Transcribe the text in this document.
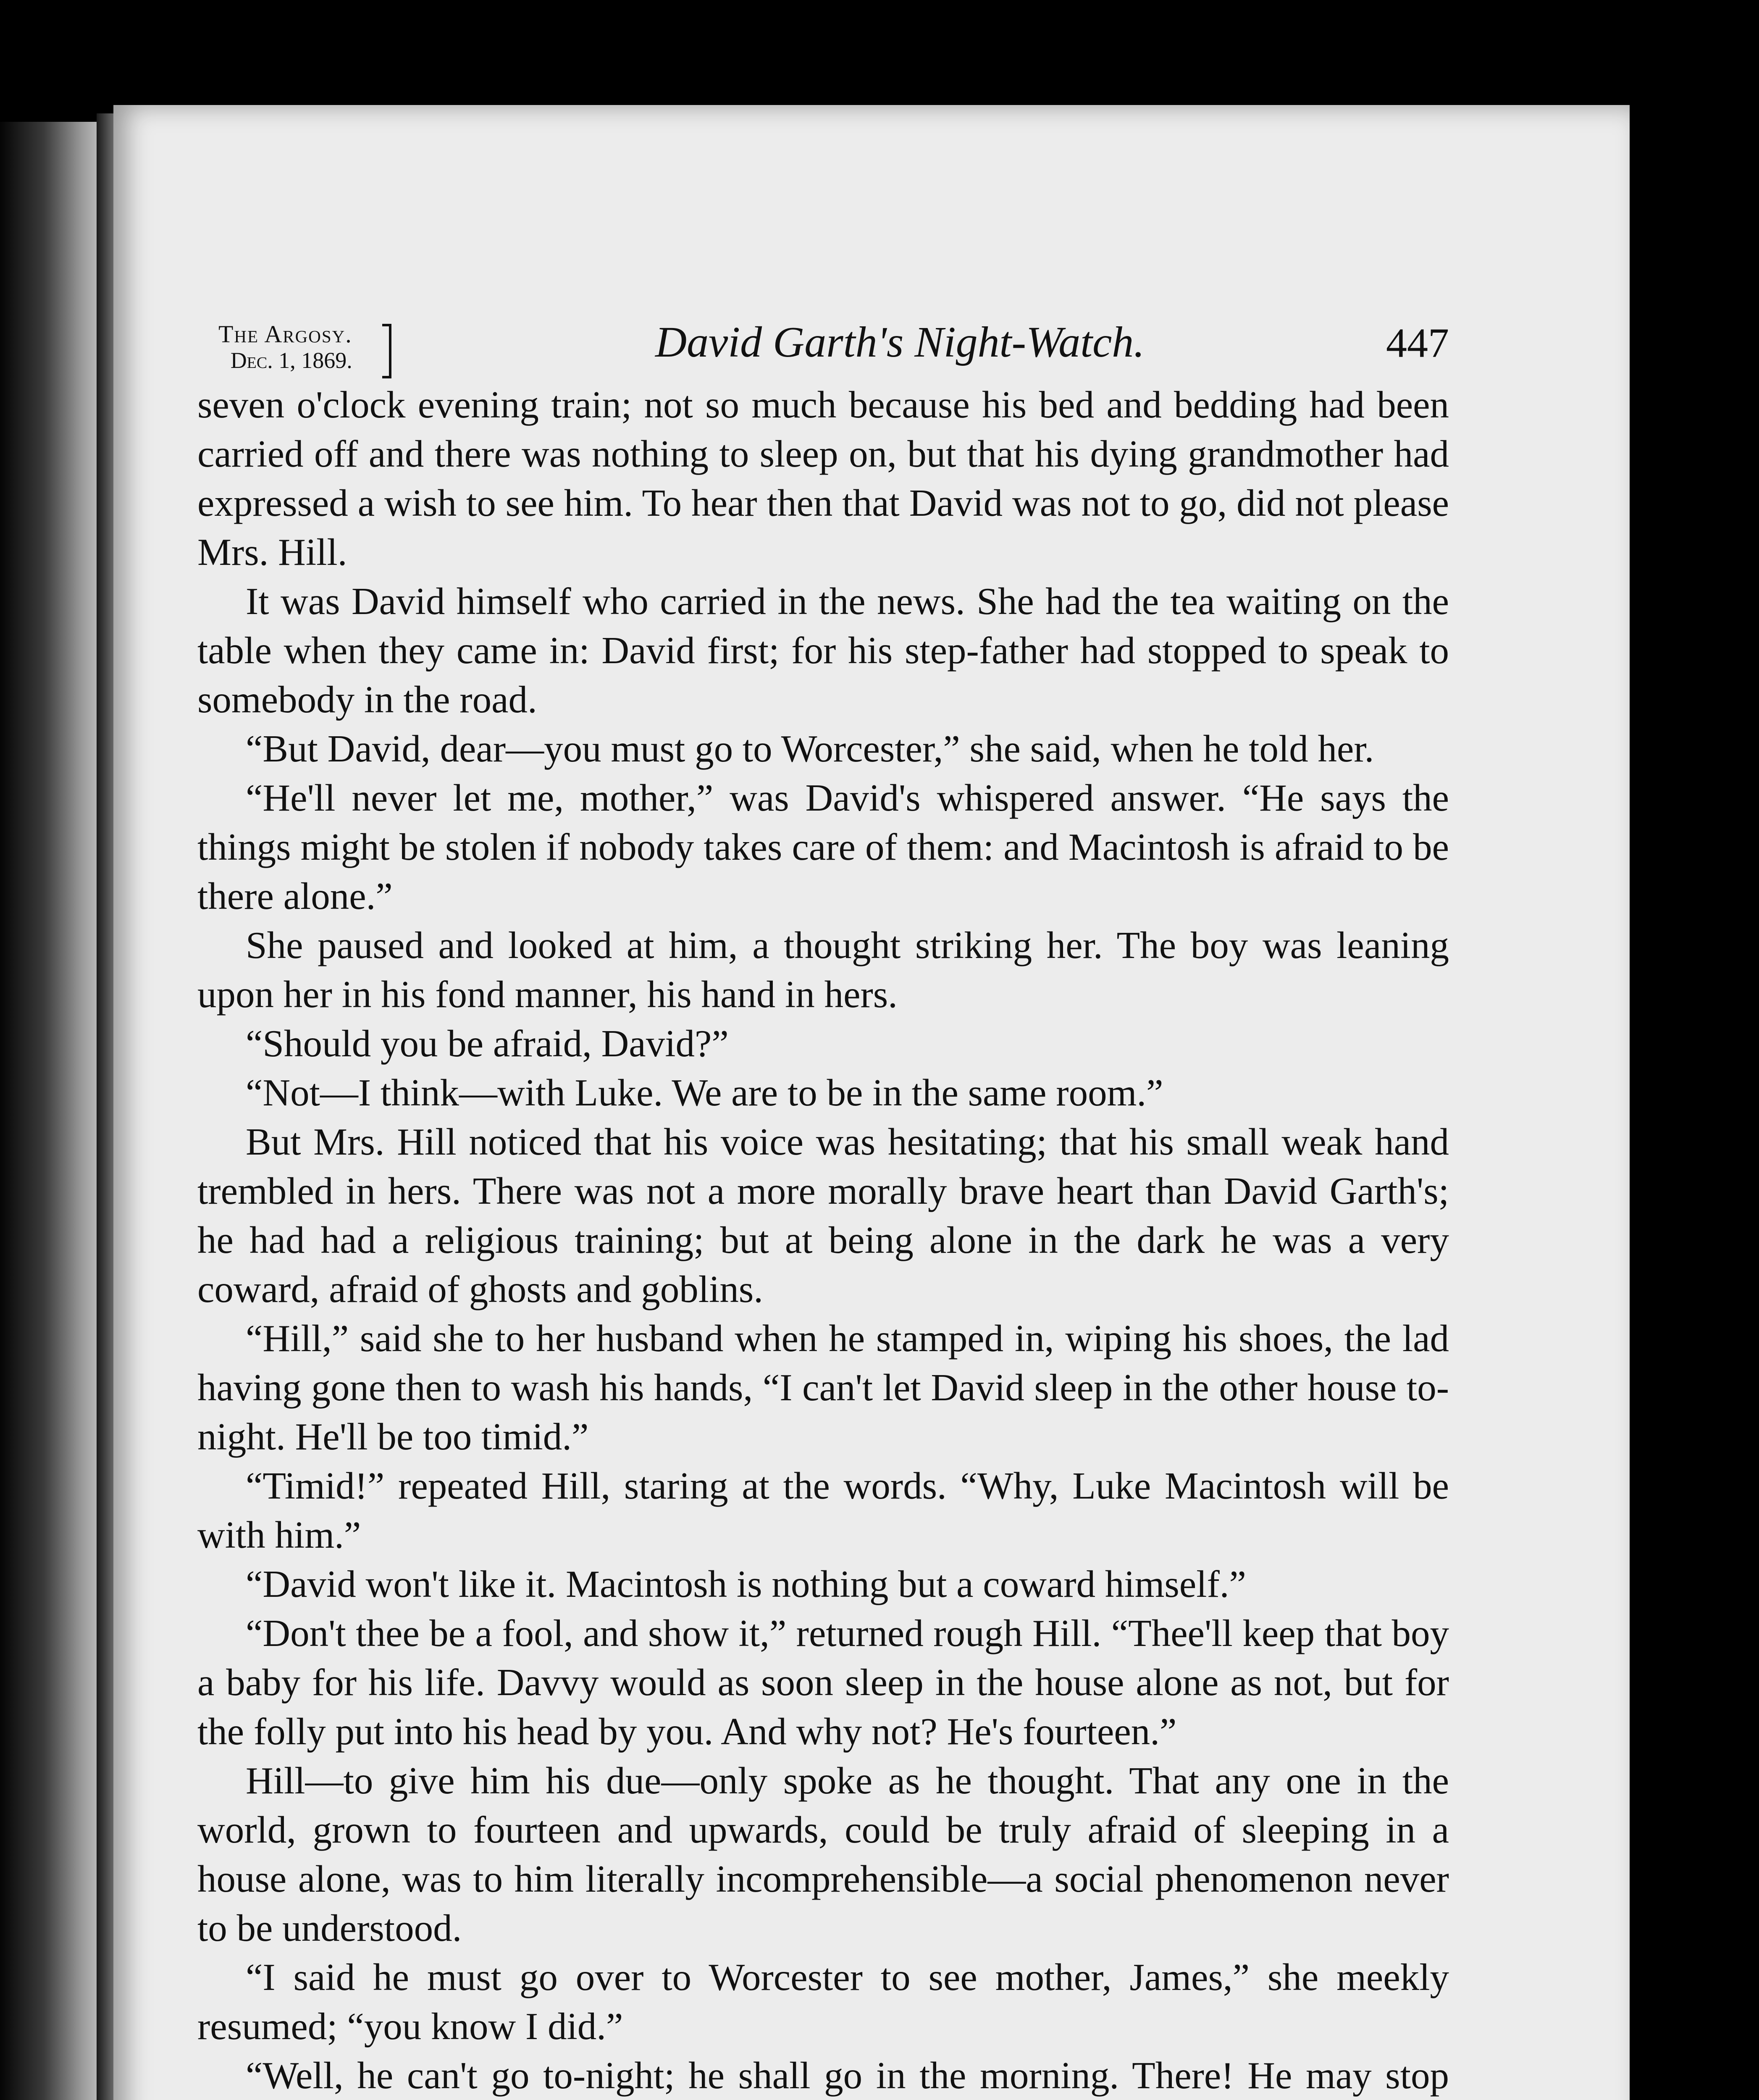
The Argosy.
Dec. 1, 1869.	David Garth's Night-Watch.	447

seven o'clock evening train; not so much because his bed and bedding had been carried off and there was nothing to sleep on, but that his dying grandmother had expressed a wish to see him. To hear then that David was not to go, did not please Mrs. Hill.

It was David himself who carried in the news. She had the tea waiting on the table when they came in: David first; for his step-father had stopped to speak to somebody in the road.

“But David, dear—you must go to Worcester,” she said, when he told her.

“He'll never let me, mother,” was David's whispered answer. “He says the things might be stolen if nobody takes care of them: and Macintosh is afraid to be there alone.”

She paused and looked at him, a thought striking her. The boy was leaning upon her in his fond manner, his hand in hers.

“Should you be afraid, David?”

“Not—I think—with Luke. We are to be in the same room.”

But Mrs. Hill noticed that his voice was hesitating; that his small weak hand trembled in hers. There was not a more morally brave heart than David Garth's; he had had a religious training; but at being alone in the dark he was a very coward, afraid of ghosts and goblins.

“Hill,” said she to her husband when he stamped in, wiping his shoes, the lad having gone then to wash his hands, “I can't let David sleep in the other house to-night. He'll be too timid.”

“Timid!” repeated Hill, staring at the words. “Why, Luke Macintosh will be with him.”

“David won't like it. Macintosh is nothing but a coward himself.”

“Don't thee be a fool, and show it,” returned rough Hill. “Thee'll keep that boy a baby for his life. Davvy would as soon sleep in the house alone as not, but for the folly put into his head by you. And why not? He's fourteen.”

Hill—to give him his due—only spoke as he thought. That any one in the world, grown to fourteen and upwards, could be truly afraid of sleeping in a house alone, was to him literally incomprehensible—a social phenomenon never to be understood.

“I said he must go over to Worcester to see mother, James,” she meekly resumed; “you know I did.”

“Well, he can't go to-night; he shall go in the morning. There! He may stop
